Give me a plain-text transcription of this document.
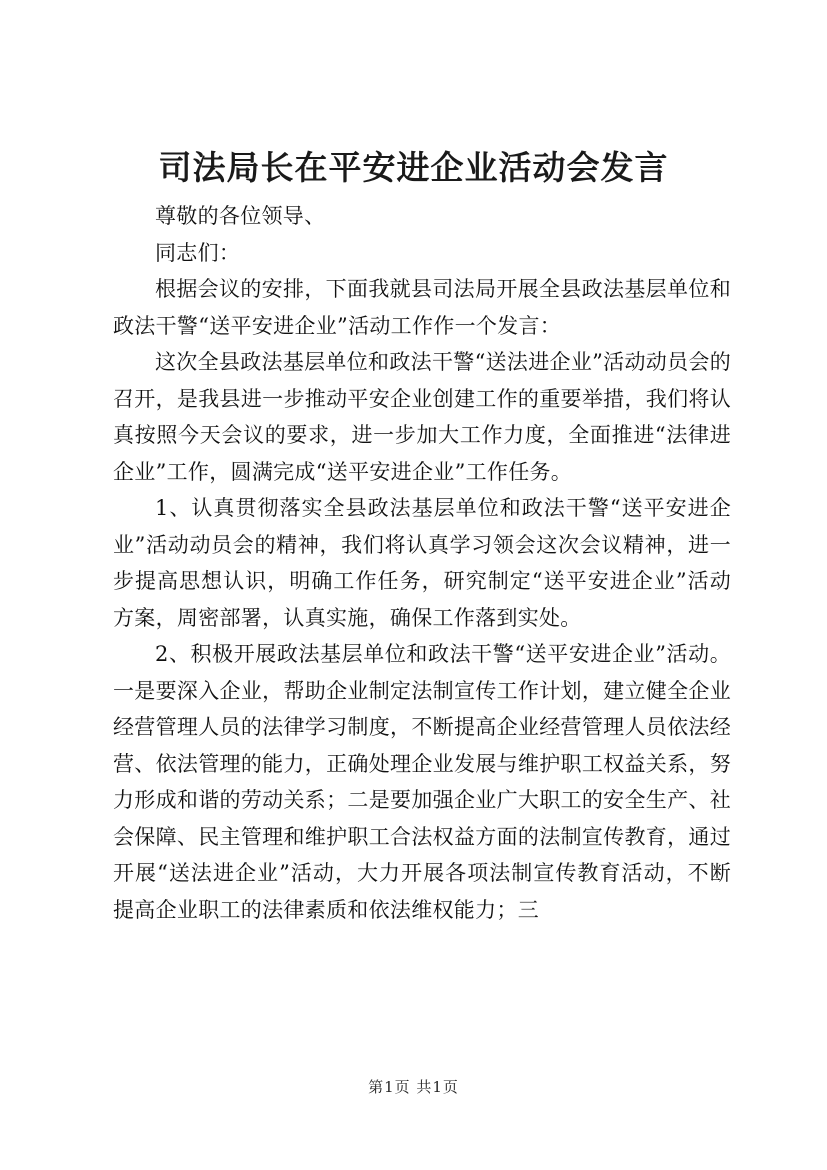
司法局长在平安进企业活动会发言

尊敬的各位领导、

同志们：

根据会议的安排，下面我就县司法局开展全县政法基层单位和政法干警“送平安进企业”活动工作作一个发言：

这次全县政法基层单位和政法干警“送法进企业”活动动员会的召开，是我县进一步推动平安企业创建工作的重要举措，我们将认真按照今天会议的要求，进一步加大工作力度，全面推进“法律进企业”工作，圆满完成“送平安进企业”工作任务。

1、认真贯彻落实全县政法基层单位和政法干警“送平安进企业”活动动员会的精神，我们将认真学习领会这次会议精神，进一步提高思想认识，明确工作任务，研究制定“送平安进企业”活动方案，周密部署，认真实施，确保工作落到实处。

2、积极开展政法基层单位和政法干警“送平安进企业”活动。一是要深入企业，帮助企业制定法制宣传工作计划，建立健全企业经营管理人员的法律学习制度，不断提高企业经营管理人员依法经营、依法管理的能力，正确处理企业发展与维护职工权益关系，努力形成和谐的劳动关系；二是要加强企业广大职工的安全生产、社会保障、民主管理和维护职工合法权益方面的法制宣传教育，通过开展“送法进企业”活动，大力开展各项法制宣传教育活动，不断提高企业职工的法律素质和依法维权能力；三

第1页 共1页
